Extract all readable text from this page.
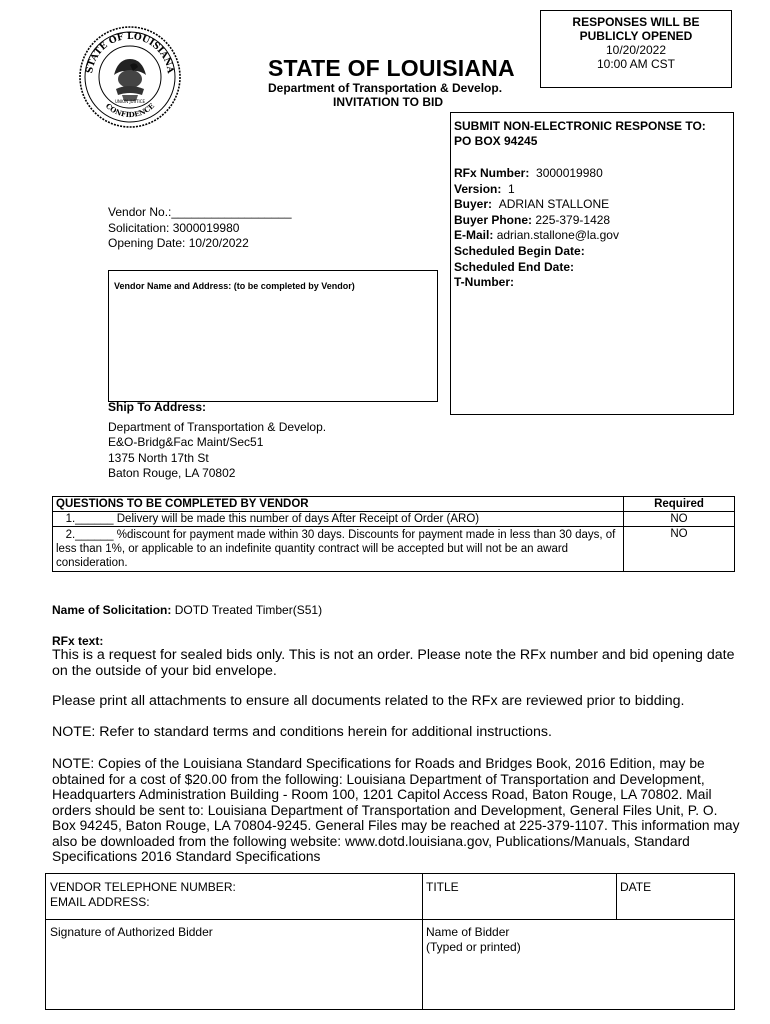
STATE OF LOUISIANA
CONFIDENCE
UNION JUSTICE
RESPONSES WILL BE
PUBLICLY OPENED
10/20/2022
10:00 AM CST
STATE OF LOUISIANA
Department of Transportation & Develop.
INVITATION TO BID
SUBMIT NON-ELECTRONIC RESPONSE TO:
PO BOX 94245
RFx Number: 3000019980
Version: 1
Buyer: ADRIAN STALLONE
Buyer Phone: 225-379-1428
E-Mail: adrian.stallone@la.gov
Scheduled Begin Date:
Scheduled End Date:
T-Number:
Vendor No.:__________________
Solicitation: 3000019980
Opening Date: 10/20/2022
Vendor Name and Address: (to be completed by Vendor)
Ship To Address:
Department of Transportation & Develop.
E&O-Bridg&Fac Maint/Sec51
1375 North 17th St
Baton Rouge, LA 70802
QUESTIONS TO BE COMPLETED BY VENDOR	Required
1.______ Delivery will be made this number of days After Receipt of Order (ARO)	NO
2.______ %discount for payment made within 30 days. Discounts for payment made in less than 30 days, of less than 1%, or applicable to an indefinite quantity contract will be accepted but will not be an award consideration.	NO
Name of Solicitation: DOTD Treated Timber(S51)
RFx text:
This is a request for sealed bids only. This is not an order. Please note the RFx number and bid opening date on the outside of your bid envelope.
Please print all attachments to ensure all documents related to the RFx are reviewed prior to bidding.
NOTE: Refer to standard terms and conditions herein for additional instructions.
NOTE: Copies of the Louisiana Standard Specifications for Roads and Bridges Book, 2016 Edition, may be obtained for a cost of $20.00 from the following: Louisiana Department of Transportation and Development, Headquarters Administration Building - Room 100, 1201 Capitol Access Road, Baton Rouge, LA 70802. Mail orders should be sent to: Louisiana Department of Transportation and Development, General Files Unit, P. O. Box 94245, Baton Rouge, LA 70804-9245. General Files may be reached at 225-379-1107. This information may also be downloaded from the following website: www.dotd.louisiana.gov, Publications/Manuals, Standard Specifications 2016 Standard Specifications
VENDOR TELEPHONE NUMBER:
EMAIL ADDRESS:
TITLE	DATE
Signature of Authorized Bidder	Name of Bidder
(Typed or printed)
